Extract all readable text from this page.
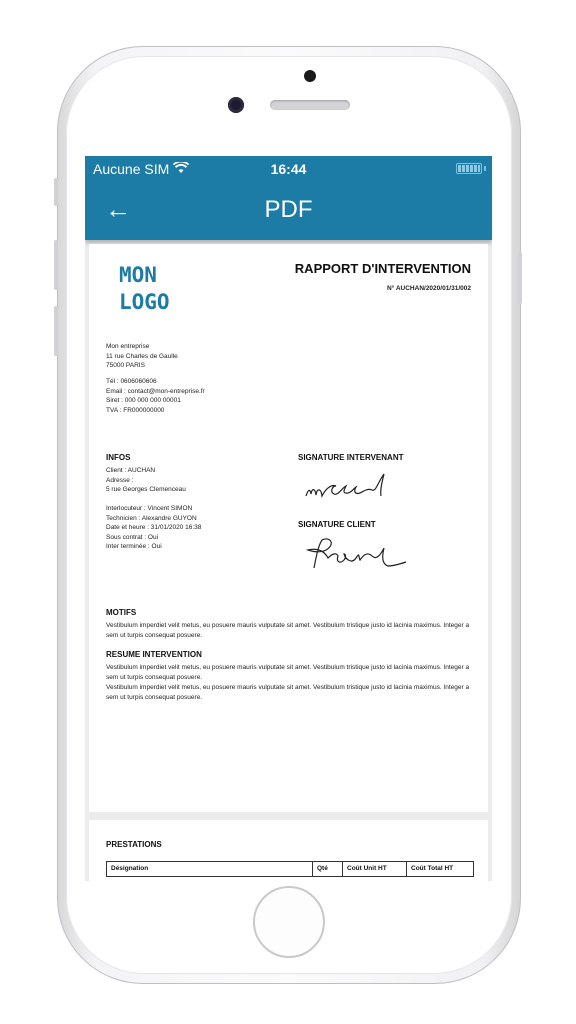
Aucune SIM	16:44
←	PDF
MON
LOGO
RAPPORT D'INTERVENTION
N° AUCHAN/2020/01/31/002
Mon entreprise
11 rue Charles de Gaulle
75000 PARIS
Tél : 0606060606
Email : contact@mon-entreprise.fr
Siret : 000 000 000 00001
TVA : FR000000000
INFOS
Client : AUCHAN
Adresse :
5 rue Georges Clemenceau
Interlocuteur : Vincent SIMON
Technicien : Alexandre GUYON
Date et heure : 31/01/2020 16:38
Sous contrat : Oui
Inter terminée : Oui
SIGNATURE INTERVENANT
SIGNATURE CLIENT
MOTIFS
Vestibulum imperdiet velit metus, eu posuere mauris vulputate sit amet. Vestibulum tristique justo id lacinia maximus. Integer a sem ut turpis consequat posuere.
RESUME INTERVENTION
Vestibulum imperdiet velit metus, eu posuere mauris vulputate sit amet. Vestibulum tristique justo id lacinia maximus. Integer a sem ut turpis consequat posuere.
Vestibulum imperdiet velit metus, eu posuere mauris vulputate sit amet. Vestibulum tristique justo id lacinia maximus. Integer a sem ut turpis consequat posuere.
PRESTATIONS
Désignation	Qté	Coût Unit HT	Coût Total HT
